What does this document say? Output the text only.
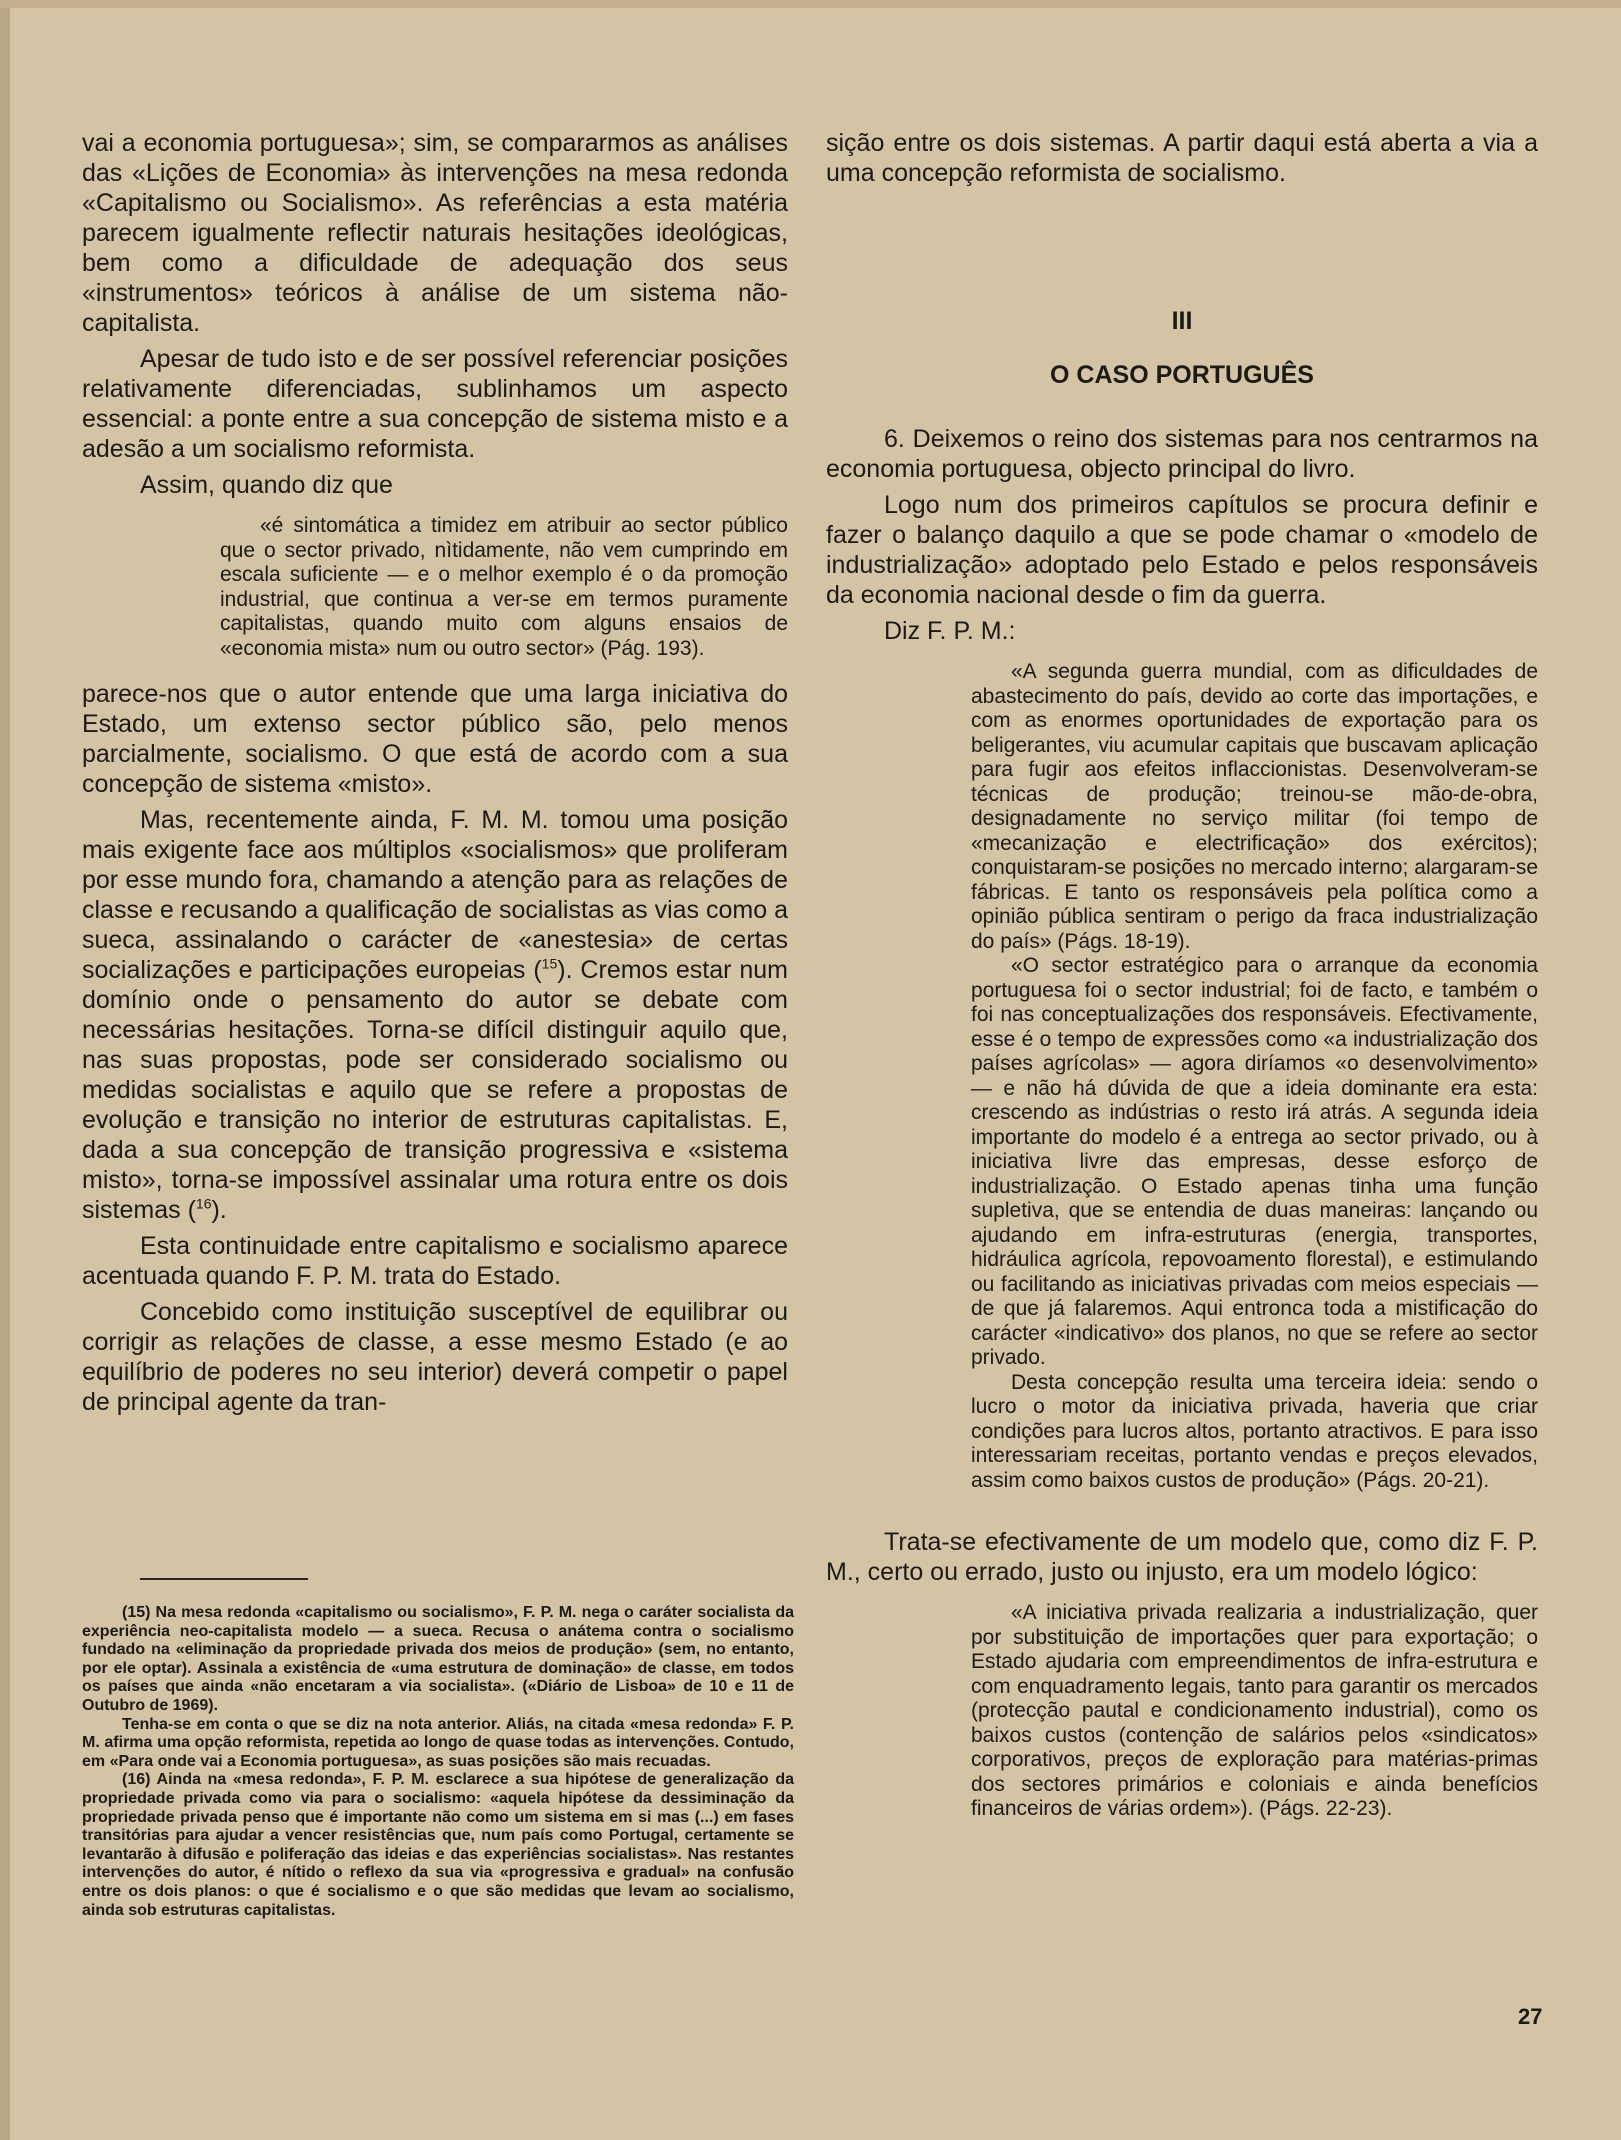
vai a economia portuguesa»; sim, se compararmos as análises das «Lições de Economia» às intervenções na mesa redonda «Capitalismo ou Socialismo». As referências a esta matéria parecem igualmente reflectir naturais hesitações ideológicas, bem como a dificuldade de adequação dos seus «instrumentos» teóricos à análise de um sistema não-capitalista.

Apesar de tudo isto e de ser possível referenciar posições relativamente diferenciadas, sublinhamos um aspecto essencial: a ponte entre a sua concepção de sistema misto e a adesão a um socialismo reformista.

Assim, quando diz que

«é sintomática a timidez em atribuir ao sector público que o sector privado, nìtidamente, não vem cumprindo em escala suficiente — e o melhor exemplo é o da promoção industrial, que continua a ver-se em termos puramente capitalistas, quando muito com alguns ensaios de «economia mista» num ou outro sector» (Pág. 193).

parece-nos que o autor entende que uma larga iniciativa do Estado, um extenso sector público são, pelo menos parcialmente, socialismo. O que está de acordo com a sua concepção de sistema «misto».

Mas, recentemente ainda, F. M. M. tomou uma posição mais exigente face aos múltiplos «socialismos» que proliferam por esse mundo fora, chamando a atenção para as relações de classe e recusando a qualificação de socialistas as vias como a sueca, assinalando o carácter de «anestesia» de certas socializações e participações europeias ($^{15}$). Cremos estar num domínio onde o pensamento do autor se debate com necessárias hesitações. Torna-se difícil distinguir aquilo que, nas suas propostas, pode ser considerado socialismo ou medidas socialistas e aquilo que se refere a propostas de evolução e transição no interior de estruturas capitalistas. E, dada a sua concepção de transição progressiva e «sistema misto», torna-se impossível assinalar uma rotura entre os dois sistemas ($^{16}$).

Esta continuidade entre capitalismo e socialismo aparece acentuada quando F. P. M. trata do Estado.

Concebido como instituição susceptível de equilibrar ou corrigir as relações de classe, a esse mesmo Estado (e ao equilíbrio de poderes no seu interior) deverá competir o papel de principal agente da tran-

(15) Na mesa redonda «capitalismo ou socialismo», F. P. M. nega o caráter socialista da experiência neo-capitalista modelo — a sueca. Recusa o anátema contra o socialismo fundado na «eliminação da propriedade privada dos meios de produção» (sem, no entanto, por ele optar). Assinala a existência de «uma estrutura de dominação» de classe, em todos os países que ainda «não encetaram a via socialista». («Diário de Lisboa» de 10 e 11 de Outubro de 1969).

Tenha-se em conta o que se diz na nota anterior. Aliás, na citada «mesa redonda» F. P. M. afirma uma opção reformista, repetida ao longo de quase todas as intervenções. Contudo, em «Para onde vai a Economia portuguesa», as suas posições são mais recuadas.

(16) Ainda na «mesa redonda», F. P. M. esclarece a sua hipótese de generalização da propriedade privada como via para o socialismo: «aquela hipótese da dessiminação da propriedade privada penso que é importante não como um sistema em si mas (...) em fases transitórias para ajudar a vencer resistências que, num país como Portugal, certamente se levantarão à difusão e poliferação das ideias e das experiências socialistas». Nas restantes intervenções do autor, é nítido o reflexo da sua via «progressiva e gradual» na confusão entre os dois planos: o que é socialismo e o que são medidas que levam ao socialismo, ainda sob estruturas capitalistas.

sição entre os dois sistemas. A partir daqui está aberta a via a uma concepção reformista de socialismo.

III

O CASO PORTUGUÊS

6. Deixemos o reino dos sistemas para nos centrarmos na economia portuguesa, objecto principal do livro.

Logo num dos primeiros capítulos se procura definir e fazer o balanço daquilo a que se pode chamar o «modelo de industrialização» adoptado pelo Estado e pelos responsáveis da economia nacional desde o fim da guerra.

Diz F. P. M.:

«A segunda guerra mundial, com as dificuldades de abastecimento do país, devido ao corte das importações, e com as enormes oportunidades de exportação para os beligerantes, viu acumular capitais que buscavam aplicação para fugir aos efeitos inflaccionistas. Desenvolveram-se técnicas de produção; treinou-se mão-de-obra, designadamente no serviço militar (foi tempo de «mecanização e electrificação» dos exércitos); conquistaram-se posições no mercado interno; alargaram-se fábricas. E tanto os responsáveis pela política como a opinião pública sentiram o perigo da fraca industrialização do país» (Págs. 18-19).

«O sector estratégico para o arranque da economia portuguesa foi o sector industrial; foi de facto, e também o foi nas conceptualizações dos responsáveis. Efectivamente, esse é o tempo de expressões como «a industrialização dos países agrícolas» — agora diríamos «o desenvolvimento» — e não há dúvida de que a ideia dominante era esta: crescendo as indústrias o resto irá atrás. A segunda ideia importante do modelo é a entrega ao sector privado, ou à iniciativa livre das empresas, desse esforço de industrialização. O Estado apenas tinha uma função supletiva, que se entendia de duas maneiras: lançando ou ajudando em infra-estruturas (energia, transportes, hidráulica agrícola, repovoamento florestal), e estimulando ou facilitando as iniciativas privadas com meios especiais — de que já falaremos. Aqui entronca toda a mistificação do carácter «indicativo» dos planos, no que se refere ao sector privado.

Desta concepção resulta uma terceira ideia: sendo o lucro o motor da iniciativa privada, haveria que criar condições para lucros altos, portanto atractivos. E para isso interessariam receitas, portanto vendas e preços elevados, assim como baixos custos de produção» (Págs. 20-21).

Trata-se efectivamente de um modelo que, como diz F. P. M., certo ou errado, justo ou injusto, era um modelo lógico:

«A iniciativa privada realizaria a industrialização, quer por substituição de importações quer para exportação; o Estado ajudaria com empreendimentos de infra-estrutura e com enquadramento legais, tanto para garantir os mercados (protecção pautal e condicionamento industrial), como os baixos custos (contenção de salários pelos «sindicatos» corporativos, preços de exploração para matérias-primas dos sectores primários e coloniais e ainda benefícios financeiros de várias ordem»). (Págs. 22-23).

27
